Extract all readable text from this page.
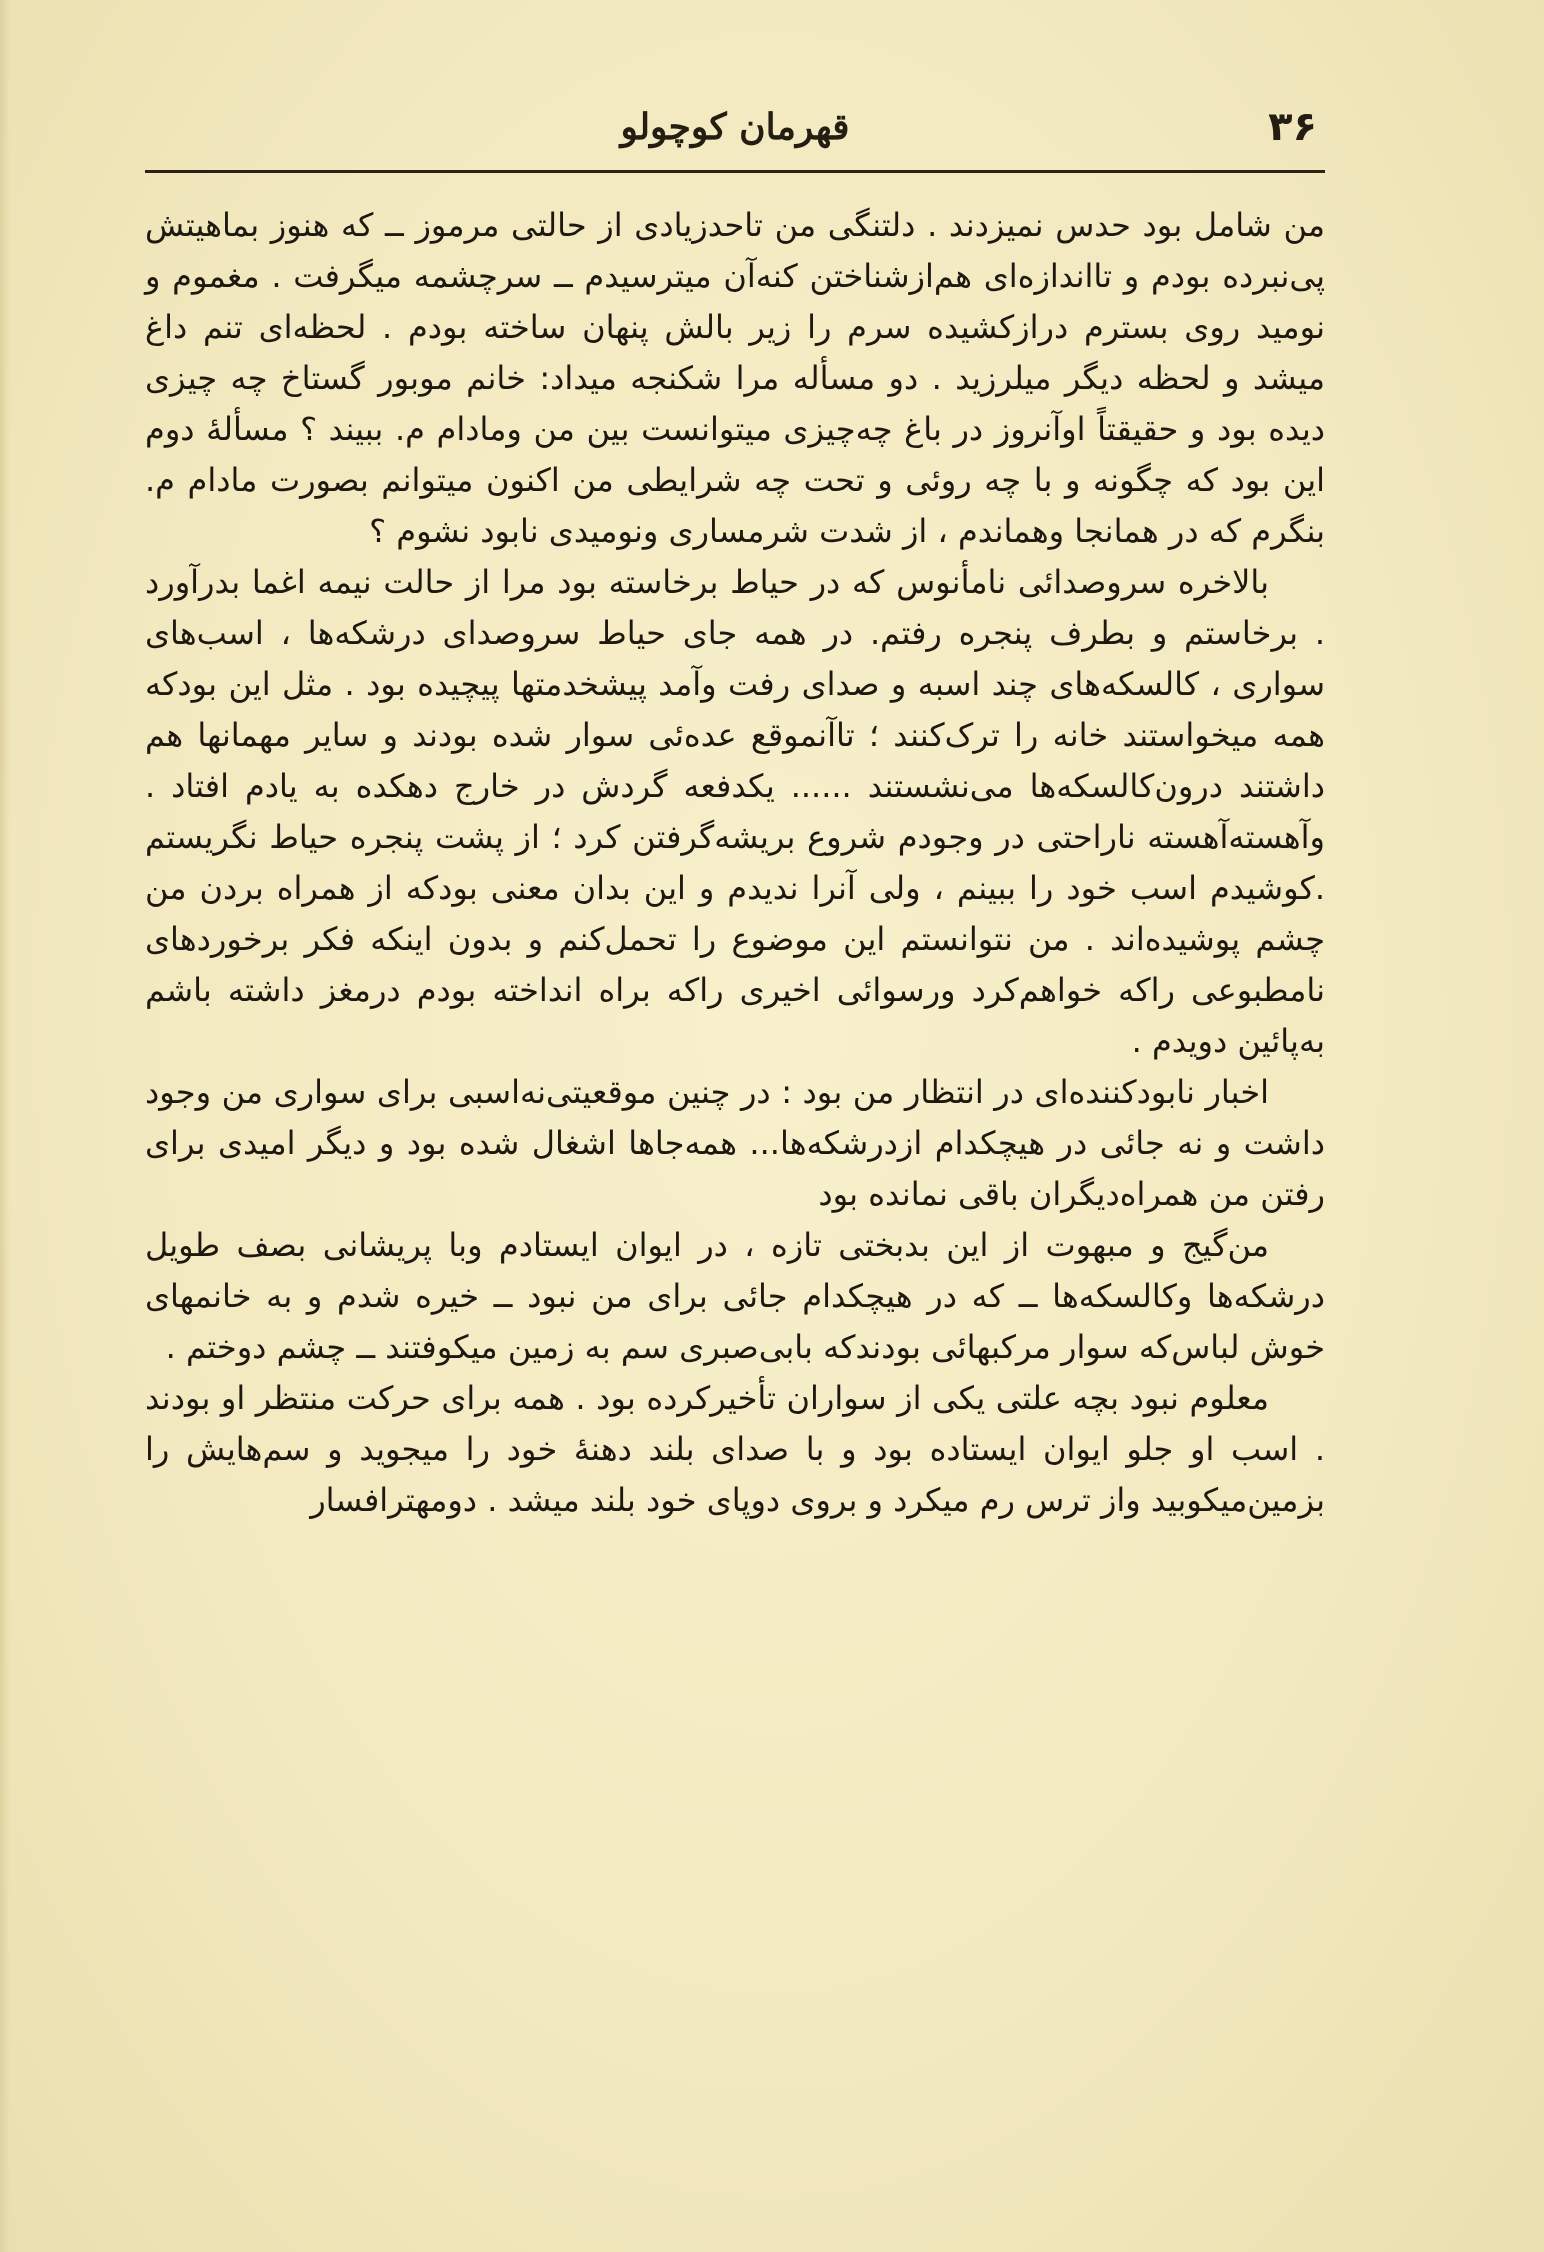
۳۶
قهرمان کوچولو

من شامل بود حدس نمیزدند . دلتنگی من تاحدزیادی از حالتی مرموز ــ که هنوز بماهیتش پی‌نبرده بودم و تااندازه‌ای هم‌ازشناختن کنه‌آن میترسیدم ــ سرچشمه میگرفت . مغموم و نومید روی بسترم درازکشیده سرم را زیر بالش پنهان ساخته بودم . لحظه‌ای تنم داغ میشد و لحظه دیگر میلرزید . دو مسأله مرا شکنجه میداد: خانم موبور گستاخ چه چیزی دیده بود و حقیقتاً اوآنروز در باغ چه‌چیزی میتوانست بین من ومادام م. ببیند ؟ مسألهٔ دوم این بود که چگونه و با چه روئی و تحت چه شرایطی من اکنون میتوانم بصورت مادام م. بنگرم که در همانجا وهماندم ، از شدت شرمساری ونومیدی نابود نشوم ؟

بالاخره سروصدائی نامأنوس که در حیاط برخاسته بود مرا از حالت نیمه اغما بدرآورد . برخاستم و بطرف پنجره رفتم. در همه جای حیاط سروصدای درشکه‌ها ، اسب‌های سواری ، کالسکه‌های چند اسبه و صدای رفت وآمد پیشخدمتها پیچیده بود . مثل این بودکه همه میخواستند خانه را ترک‌کنند ؛ تاآنموقع عده‌ئی سوار شده بودند و سایر مهمانها هم داشتند درون‌کالسکه‌ها می‌نشستند ...... یکدفعه گردش در خارج دهکده به یادم افتاد . وآهسته‌آهسته ناراحتی در وجودم شروع بریشه‌گرفتن کرد ؛ از پشت پنجره حیاط نگریستم .کوشیدم اسب خود را ببینم ، ولی آنرا ندیدم و این بدان معنی بودکه از همراه بردن من چشم پوشیده‌اند . من نتوانستم این موضوع را تحمل‌کنم و بدون اینکه فکر برخوردهای نامطبوعی راکه خواهم‌کرد ورسوائی اخیری راکه براه انداخته بودم درمغز داشته باشم به‌پائین دویدم .

اخبار نابودکننده‌ای در انتظار من بود : در چنین موقعیتی‌نه‌اسبی برای سواری من وجود داشت و نه جائی در هیچکدام ازدرشکه‌ها... همه‌جاها اشغال شده بود و دیگر امیدی برای رفتن من همراه‌دیگران باقی نمانده بود

من‌گیج و مبهوت از این بدبختی تازه ، در ایوان ایستادم وبا پریشانی بصف طویل درشکه‌ها وکالسکه‌ها ــ که در هیچکدام جائی برای من نبود ــ خیره شدم و به خانمهای خوش لباس‌که سوار مرکبهائی بودندکه بابی‌صبری سم به زمین میکوفتند ــ چشم دوختم .

معلوم نبود بچه علتی یکی از سواران تأخیرکرده بود . همه برای حرکت منتظر او بودند . اسب او جلو ایوان ایستاده بود و با صدای بلند دهنهٔ خود را میجوید و سم‌هایش را بزمین‌میکوبید واز ترس رم میکرد و بروی دوپای خود بلند میشد . دومهترافسار
